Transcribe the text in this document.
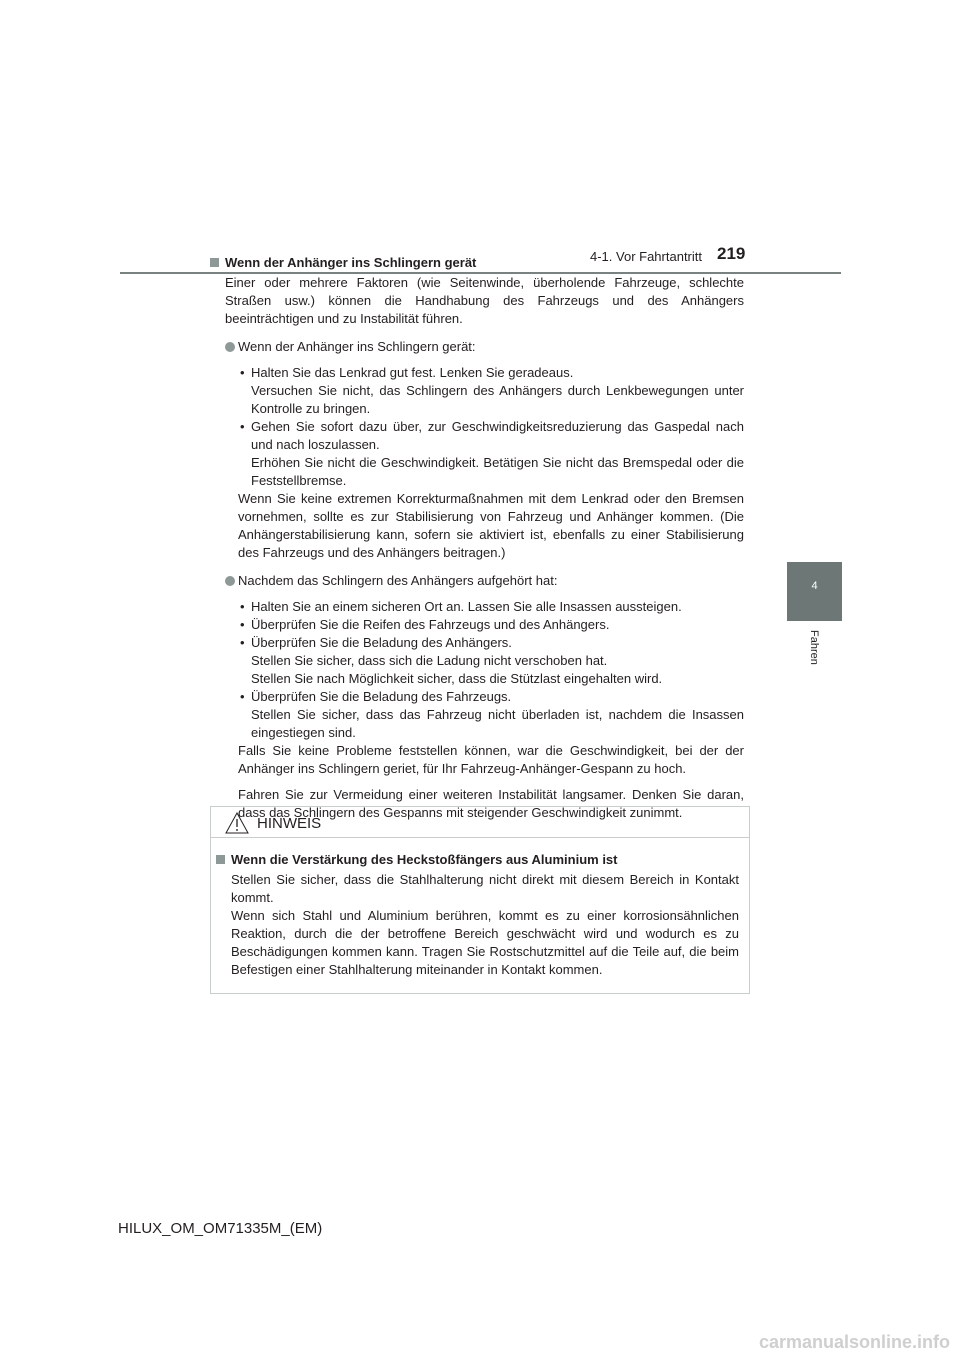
4-1. Vor Fahrtantritt 219
4
Fahren

Wenn der Anhänger ins Schlingern gerät

Einer oder mehrere Faktoren (wie Seitenwinde, überholende Fahrzeuge, schlechte Straßen usw.) können die Handhabung des Fahrzeugs und des Anhängers beeinträchtigen und zu Instabilität führen.

Wenn der Anhänger ins Schlingern gerät:
• Halten Sie das Lenkrad gut fest. Lenken Sie geradeaus.
Versuchen Sie nicht, das Schlingern des Anhängers durch Lenkbewegungen unter Kontrolle zu bringen.
• Gehen Sie sofort dazu über, zur Geschwindigkeitsreduzierung das Gaspedal nach und nach loszulassen.
Erhöhen Sie nicht die Geschwindigkeit. Betätigen Sie nicht das Bremspedal oder die Feststellbremse.

Wenn Sie keine extremen Korrekturmaßnahmen mit dem Lenkrad oder den Bremsen vornehmen, sollte es zur Stabilisierung von Fahrzeug und Anhänger kommen. (Die Anhängerstabilisierung kann, sofern sie aktiviert ist, ebenfalls zu einer Stabilisierung des Fahrzeugs und des Anhängers beitragen.)

Nachdem das Schlingern des Anhängers aufgehört hat:
• Halten Sie an einem sicheren Ort an. Lassen Sie alle Insassen aussteigen.
• Überprüfen Sie die Reifen des Fahrzeugs und des Anhängers.
• Überprüfen Sie die Beladung des Anhängers.
Stellen Sie sicher, dass sich die Ladung nicht verschoben hat.
Stellen Sie nach Möglichkeit sicher, dass die Stützlast eingehalten wird.
• Überprüfen Sie die Beladung des Fahrzeugs.
Stellen Sie sicher, dass das Fahrzeug nicht überladen ist, nachdem die Insassen eingestiegen sind.

Falls Sie keine Probleme feststellen können, war die Geschwindigkeit, bei der der Anhänger ins Schlingern geriet, für Ihr Fahrzeug-Anhänger-Gespann zu hoch.

Fahren Sie zur Vermeidung einer weiteren Instabilität langsamer. Denken Sie daran, dass das Schlingern des Gespanns mit steigender Geschwindigkeit zunimmt.

HINWEIS

Wenn die Verstärkung des Heckstoßfängers aus Aluminium ist

Stellen Sie sicher, dass die Stahlhalterung nicht direkt mit diesem Bereich in Kontakt kommt.

Wenn sich Stahl und Aluminium berühren, kommt es zu einer korrosionsähnlichen Reaktion, durch die der betroffene Bereich geschwächt wird und wodurch es zu Beschädigungen kommen kann. Tragen Sie Rostschutzmittel auf die Teile auf, die beim Befestigen einer Stahlhalterung miteinander in Kontakt kommen.

HILUX_OM_OM71335M_(EM)
carmanualsonline.info
